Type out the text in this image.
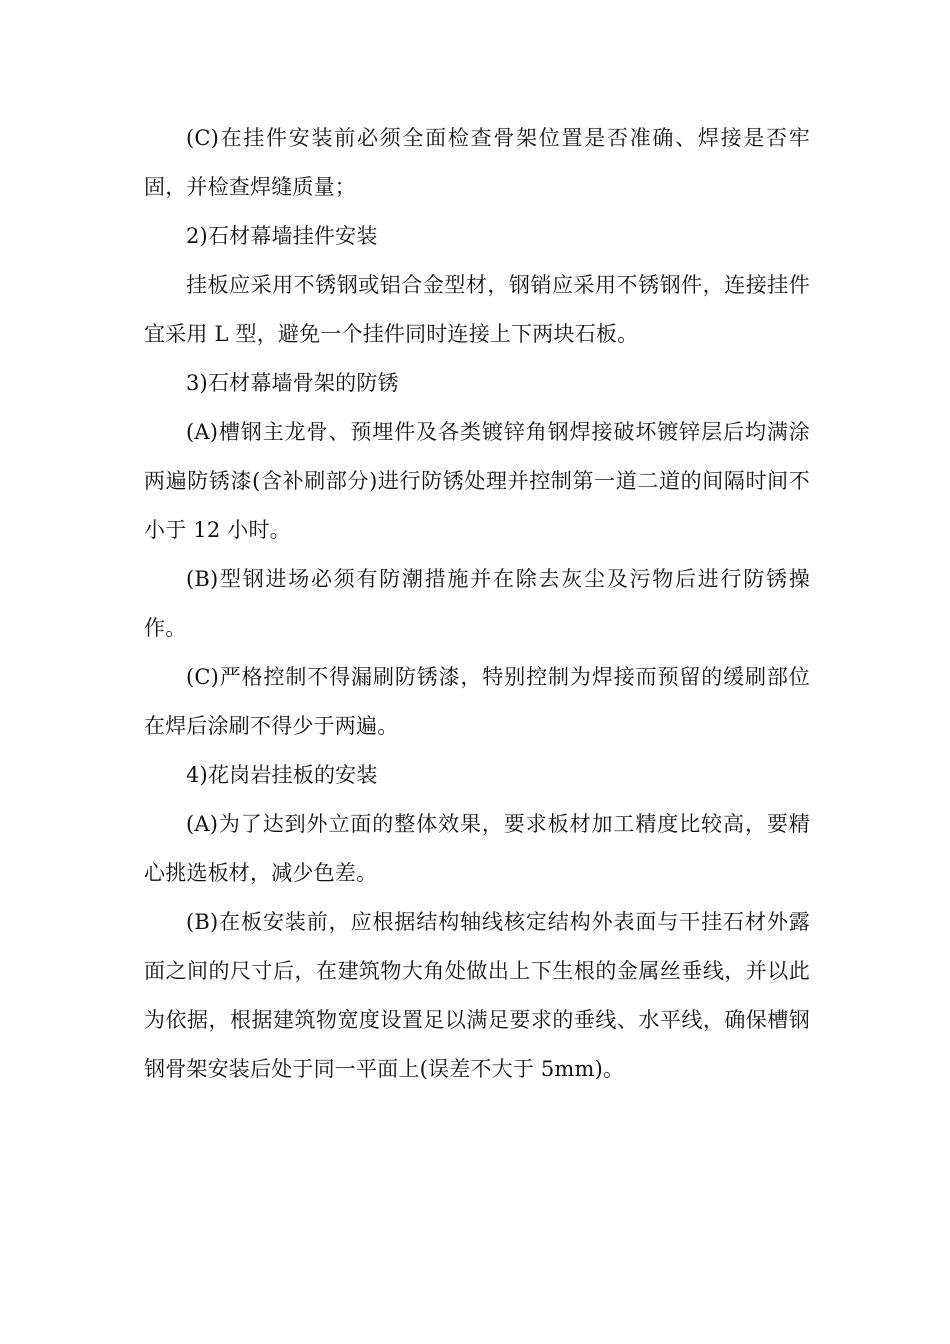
(C)在挂件安装前必须全面检查骨架位置是否准确、焊接是否牢固，并检查焊缝质量；

2)石材幕墙挂件安装

挂板应采用不锈钢或铝合金型材，钢销应采用不锈钢件，连接挂件宜采用 L 型，避免一个挂件同时连接上下两块石板。

3)石材幕墙骨架的防锈

(A)槽钢主龙骨、预埋件及各类镀锌角钢焊接破坏镀锌层后均满涂两遍防锈漆(含补刷部分)进行防锈处理并控制第一道二道的间隔时间不小于 12 小时。

(B)型钢进场必须有防潮措施并在除去灰尘及污物后进行防锈操作。

(C)严格控制不得漏刷防锈漆，特别控制为焊接而预留的缓刷部位在焊后涂刷不得少于两遍。

4)花岗岩挂板的安装

(A)为了达到外立面的整体效果，要求板材加工精度比较高，要精心挑选板材，减少色差。

(B)在板安装前，应根据结构轴线核定结构外表面与干挂石材外露面之间的尺寸后，在建筑物大角处做出上下生根的金属丝垂线，并以此为依据，根据建筑物宽度设置足以满足要求的垂线、水平线，确保槽钢钢骨架安装后处于同一平面上(误差不大于 5mm)。
